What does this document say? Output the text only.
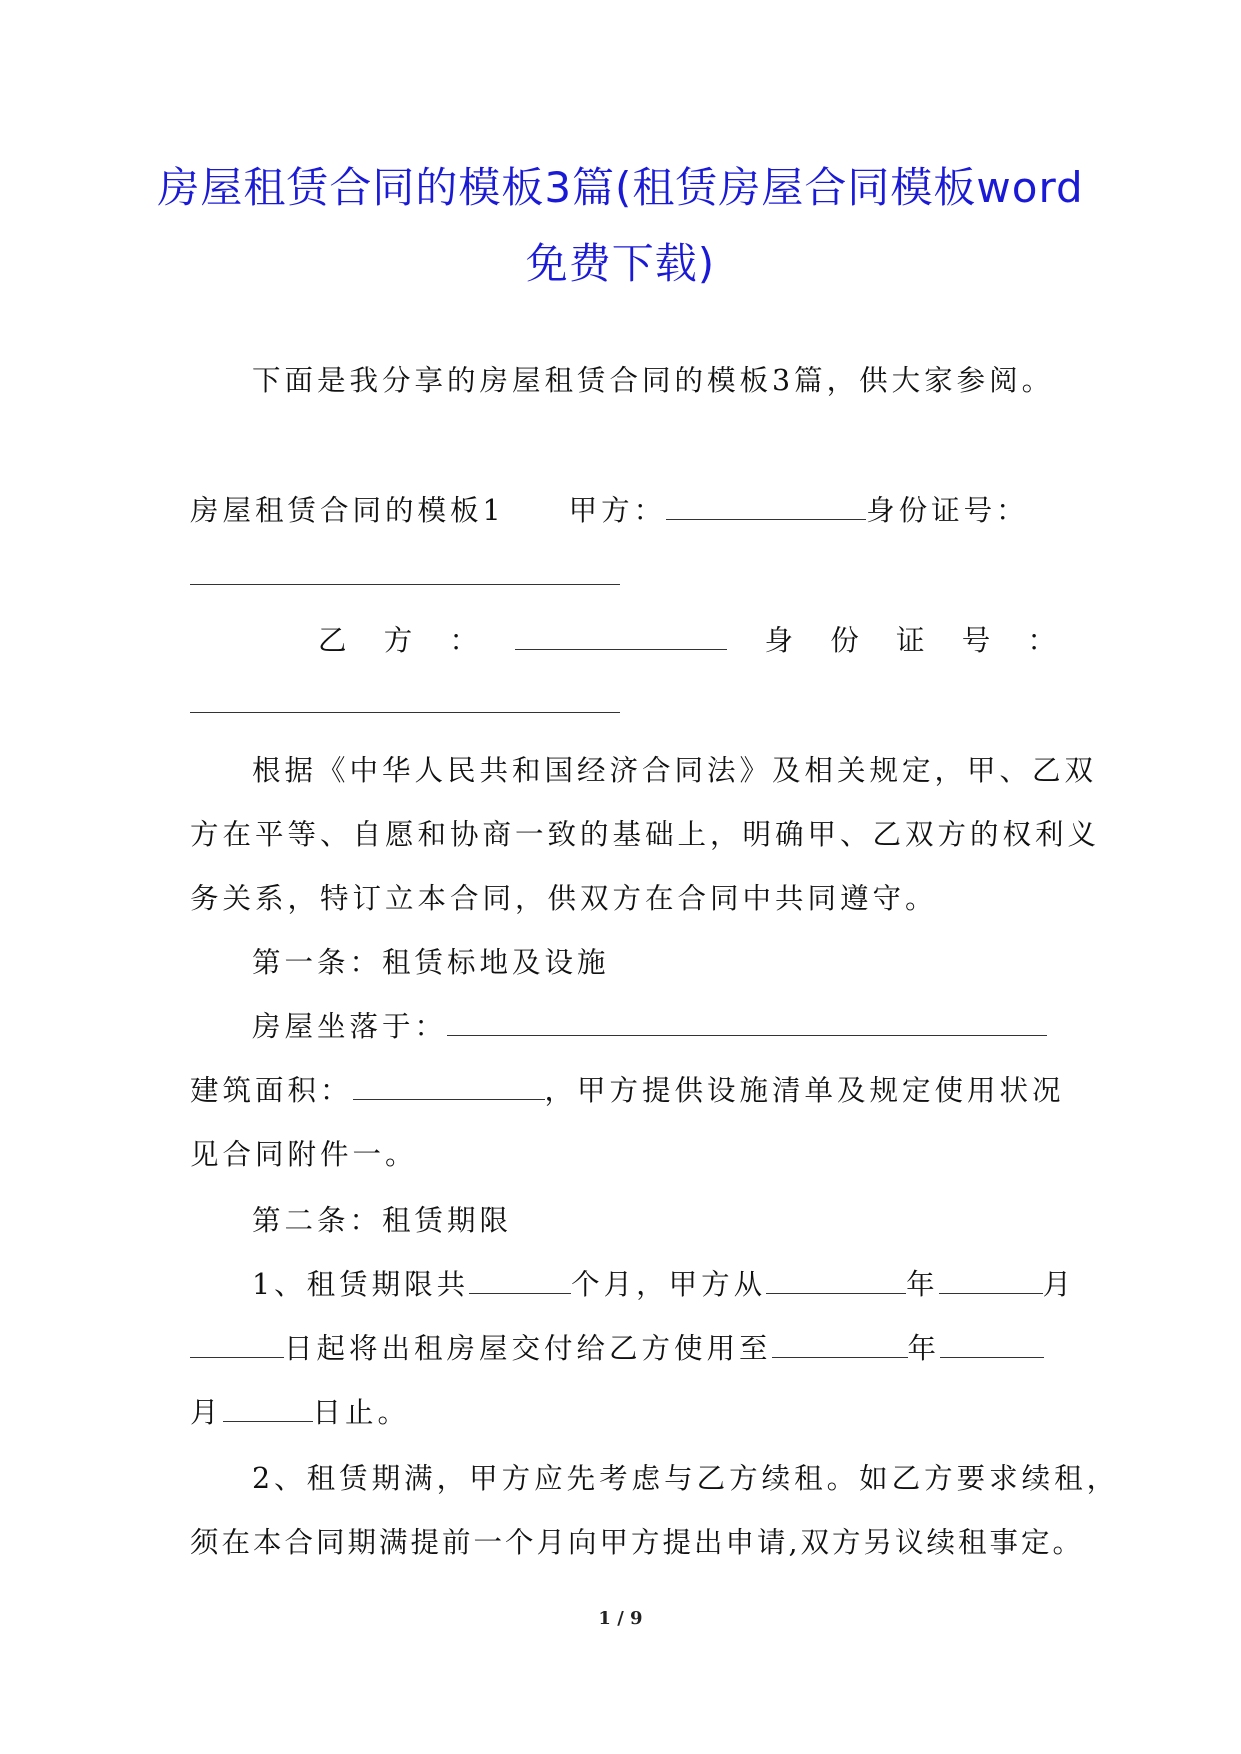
房屋租赁合同的模板3篇(租赁房屋合同模板word免费下载)

下面是我分享的房屋租赁合同的模板3篇，供大家参阅。

房屋租赁合同的模板1 甲方：	身份证号：

乙 方 ：	身 份 证 号 ：

根据《中华人民共和国经济合同法》及相关规定，甲、乙双

方在平等、自愿和协商一致的基础上，明确甲、乙双方的权利义

务关系，特订立本合同，供双方在合同中共同遵守。

第一条：租赁标地及设施

房屋坐落于：

建筑面积：	，甲方提供设施清单及规定使用状况

见合同附件一。

第二条：租赁期限

1、租赁期限共	个月，甲方从	年	月

日起将出租房屋交付给乙方使用至	年

月	日止。

2、租赁期满，甲方应先考虑与乙方续租。如乙方要求续租，

须在本合同期满提前一个月向甲方提出申请,双方另议续租事定。

1 / 9
